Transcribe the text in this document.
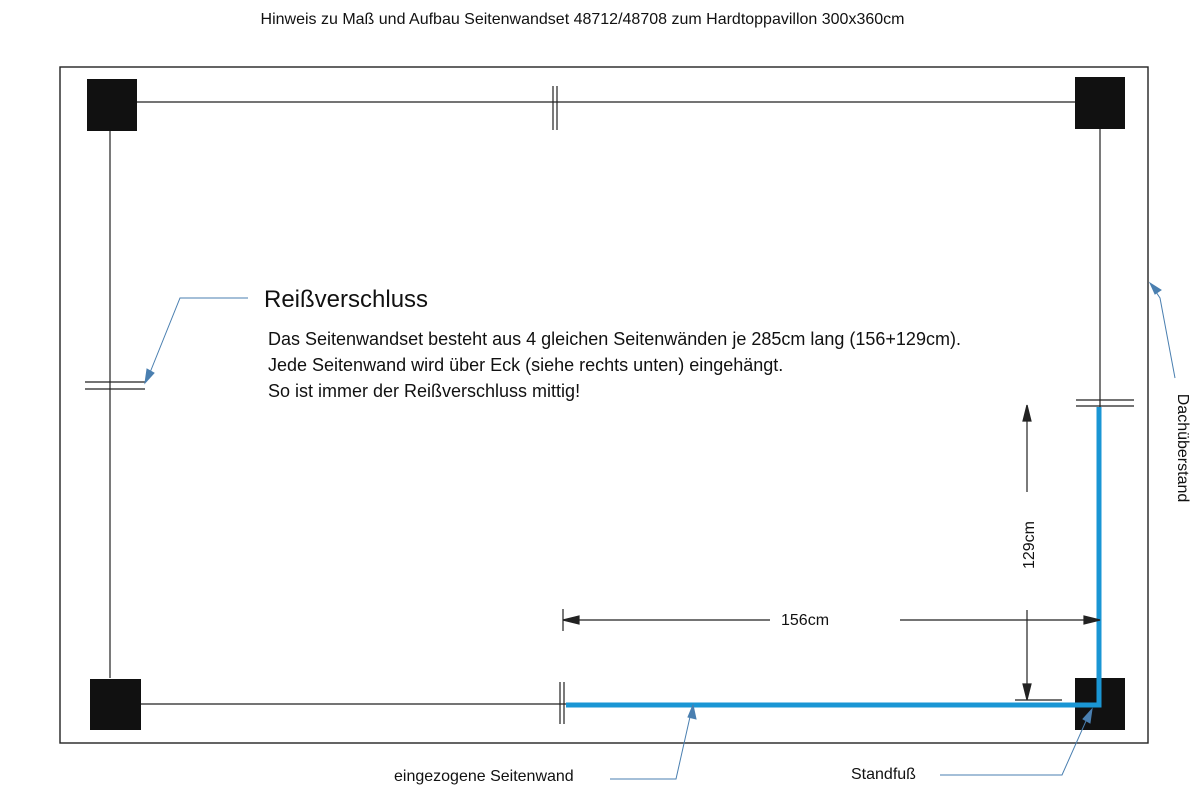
Hinweis zu Maß und Aufbau Seitenwandset 48712/48708 zum Hardtoppavillon 300x360cm
Reißverschluss
Das Seitenwandset besteht aus 4 gleichen Seitenwänden je 285cm lang (156+129cm).
Jede Seitenwand wird über Eck (siehe rechts unten) eingehängt.
So ist immer der Reißverschluss mittig!
156cm
129cm
Dachüberstand
eingezogene Seitenwand	Standfuß
